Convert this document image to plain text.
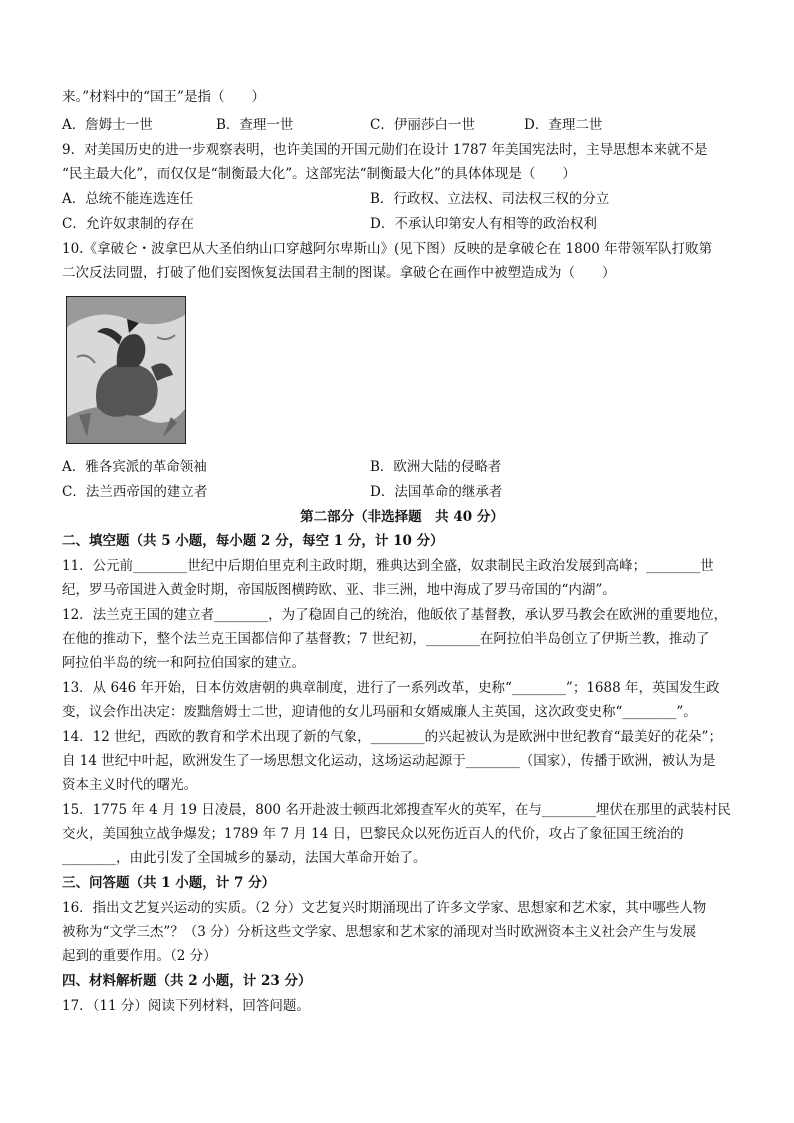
来。”材料中的“国王”是指（　　）
A．詹姆士一世	B．查理一世	C．伊丽莎白一世	D．查理二世
9．对美国历史的进一步观察表明，也许美国的开国元勋们在设计 1787 年美国宪法时，主导思想本来就不是
“民主最大化”，而仅仅是“制衡最大化”。这部宪法“制衡最大化”的具体体现是（　　）
A．总统不能连选连任	B．行政权、立法权、司法权三权的分立
C．允许奴隶制的存在	D．不承认印第安人有相等的政治权利
10.《拿破仑・波拿巴从大圣伯纳山口穿越阿尔卑斯山》(见下图）反映的是拿破仑在 1800 年带领军队打败第
二次反法同盟，打破了他们妄图恢复法国君主制的图谋。拿破仑在画作中被塑造成为（　　）
A．雅各宾派的革命领袖	B．欧洲大陆的侵略者
C．法兰西帝国的建立者	D．法国革命的继承者
第二部分（非选择题　共 40 分）
二、填空题（共 5 小题，每小题 2 分，每空 1 分，计 10 分）
11．公元前________世纪中后期伯里克利主政时期，雅典达到全盛，奴隶制民主政治发展到高峰；________世
纪，罗马帝国进入黄金时期，帝国版图横跨欧、亚、非三洲，地中海成了罗马帝国的“内湖”。
12．法兰克王国的建立者________，为了稳固自己的统治，他皈依了基督教，承认罗马教会在欧洲的重要地位，
在他的推动下，整个法兰克王国都信仰了基督教；7 世纪初，________在阿拉伯半岛创立了伊斯兰教，推动了
阿拉伯半岛的统一和阿拉伯国家的建立。
13．从 646 年开始，日本仿效唐朝的典章制度，进行了一系列改革，史称“________”；1688 年，英国发生政
变，议会作出决定：废黜詹姆士二世，迎请他的女儿玛丽和女婿威廉人主英国，这次政变史称“________”。
14．12 世纪，西欧的教育和学术出现了新的气象，________的兴起被认为是欧洲中世纪教育“最美好的花朵”；
自 14 世纪中叶起，欧洲发生了一场思想文化运动，这场运动起源于________（国家），传播于欧洲，被认为是
资本主义时代的曙光。
15．1775 年 4 月 19 日凌晨，800 名开赴波士顿西北郊搜查军火的英军，在与________埋伏在那里的武装村民
交火，美国独立战争爆发；1789 年 7 月 14 日，巴黎民众以死伤近百人的代价，攻占了象征国王统治的
________，由此引发了全国城乡的暴动，法国大革命开始了。
三、问答题（共 1 小题，计 7 分）
16．指出文艺复兴运动的实质。（2 分）文艺复兴时期涌现出了许多文学家、思想家和艺术家，其中哪些人物
被称为“文学三杰”？（3 分）分析这些文学家、思想家和艺术家的涌现对当时欧洲资本主义社会产生与发展
起到的重要作用。（2 分）
四、材料解析题（共 2 小题，计 23 分）
17．（11 分）阅读下列材料，回答问题。
